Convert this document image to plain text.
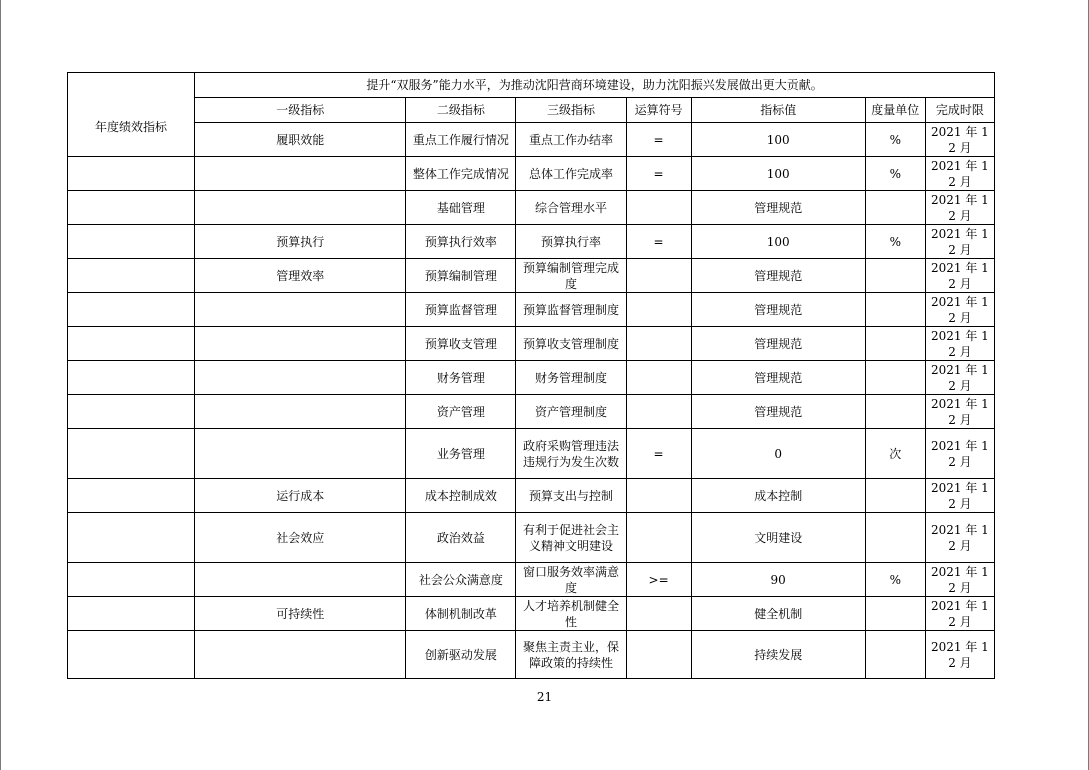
	提升“双服务”能力水平，为推动沈阳营商环境建设，助力沈阳振兴发展做出更大贡献。						
年度绩效指标	一级指标	二级指标	三级指标	运算符号	指标值	度量单位	完成时限
	履职效能	重点工作履行情况	重点工作办结率	=	100	%	2021 年 12 月
		整体工作完成情况	总体工作完成率	=	100	%	2021 年 12 月
		基础管理	综合管理水平		管理规范		2021 年 12 月
	预算执行	预算执行效率	预算执行率	=	100	%	2021 年 12 月
	管理效率	预算编制管理	预算编制管理完成度		管理规范		2021 年 12 月
		预算监督管理	预算监督管理制度		管理规范		2021 年 12 月
		预算收支管理	预算收支管理制度		管理规范		2021 年 12 月
		财务管理	财务管理制度		管理规范		2021 年 12 月
		资产管理	资产管理制度		管理规范		2021 年 12 月
		业务管理	政府采购管理违法违规行为发生次数	=	0	次	2021 年 12 月
	运行成本	成本控制成效	预算支出与控制		成本控制		2021 年 12 月
	社会效应	政治效益	有利于促进社会主义精神文明建设		文明建设		2021 年 12 月
		社会公众满意度	窗口服务效率满意度	>=	90	%	2021 年 12 月
	可持续性	体制机制改革	人才培养机制健全性		健全机制		2021 年 12 月
		创新驱动发展	聚焦主责主业，保障政策的持续性		持续发展		2021 年 12 月
21
